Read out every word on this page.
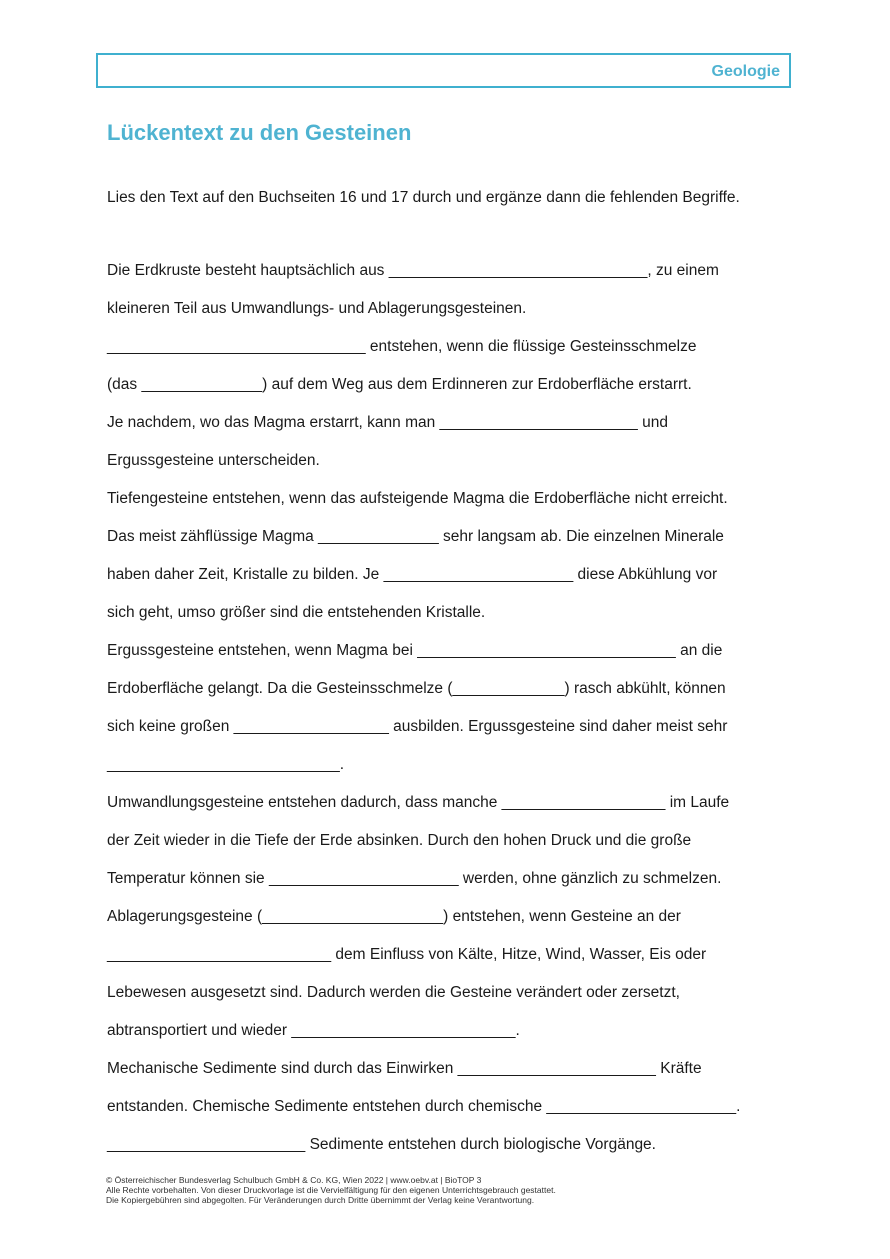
Geologie
Lückentext zu den Gesteinen

Lies den Text auf den Buchseiten 16 und 17 durch und ergänze dann die fehlenden Begriffe.

Die Erdkruste besteht hauptsächlich aus ______________________________, zu einem
kleineren Teil aus Umwandlungs- und Ablagerungsgesteinen.
______________________________ entstehen, wenn die flüssige Gesteinsschmelze
(das ______________) auf dem Weg aus dem Erdinneren zur Erdoberfläche erstarrt.
Je nachdem, wo das Magma erstarrt, kann man _______________________ und
Ergussgesteine unterscheiden.
Tiefengesteine entstehen, wenn das aufsteigende Magma die Erdoberfläche nicht erreicht.
Das meist zähflüssige Magma ______________ sehr langsam ab. Die einzelnen Minerale
haben daher Zeit, Kristalle zu bilden. Je ______________________ diese Abkühlung vor
sich geht, umso größer sind die entstehenden Kristalle.
Ergussgesteine entstehen, wenn Magma bei ______________________________ an die
Erdoberfläche gelangt. Da die Gesteinsschmelze (_____________) rasch abkühlt, können
sich keine großen __________________ ausbilden. Ergussgesteine sind daher meist sehr
___________________________.
Umwandlungsgesteine entstehen dadurch, dass manche ___________________ im Laufe
der Zeit wieder in die Tiefe der Erde absinken. Durch den hohen Druck und die große
Temperatur können sie ______________________ werden, ohne gänzlich zu schmelzen.
Ablagerungsgesteine (_____________________) entstehen, wenn Gesteine an der
__________________________ dem Einfluss von Kälte, Hitze, Wind, Wasser, Eis oder
Lebewesen ausgesetzt sind. Dadurch werden die Gesteine verändert oder zersetzt,
abtransportiert und wieder __________________________.
Mechanische Sedimente sind durch das Einwirken _______________________ Kräfte
entstanden. Chemische Sedimente entstehen durch chemische ______________________.
_______________________ Sedimente entstehen durch biologische Vorgänge.
© Österreichischer Bundesverlag Schulbuch GmbH & Co. KG, Wien 2022 | www.oebv.at | BioTOP 3
Alle Rechte vorbehalten. Von dieser Druckvorlage ist die Vervielfältigung für den eigenen Unterrichtsgebrauch gestattet.
Die Kopiergebühren sind abgegolten. Für Veränderungen durch Dritte übernimmt der Verlag keine Verantwortung.
